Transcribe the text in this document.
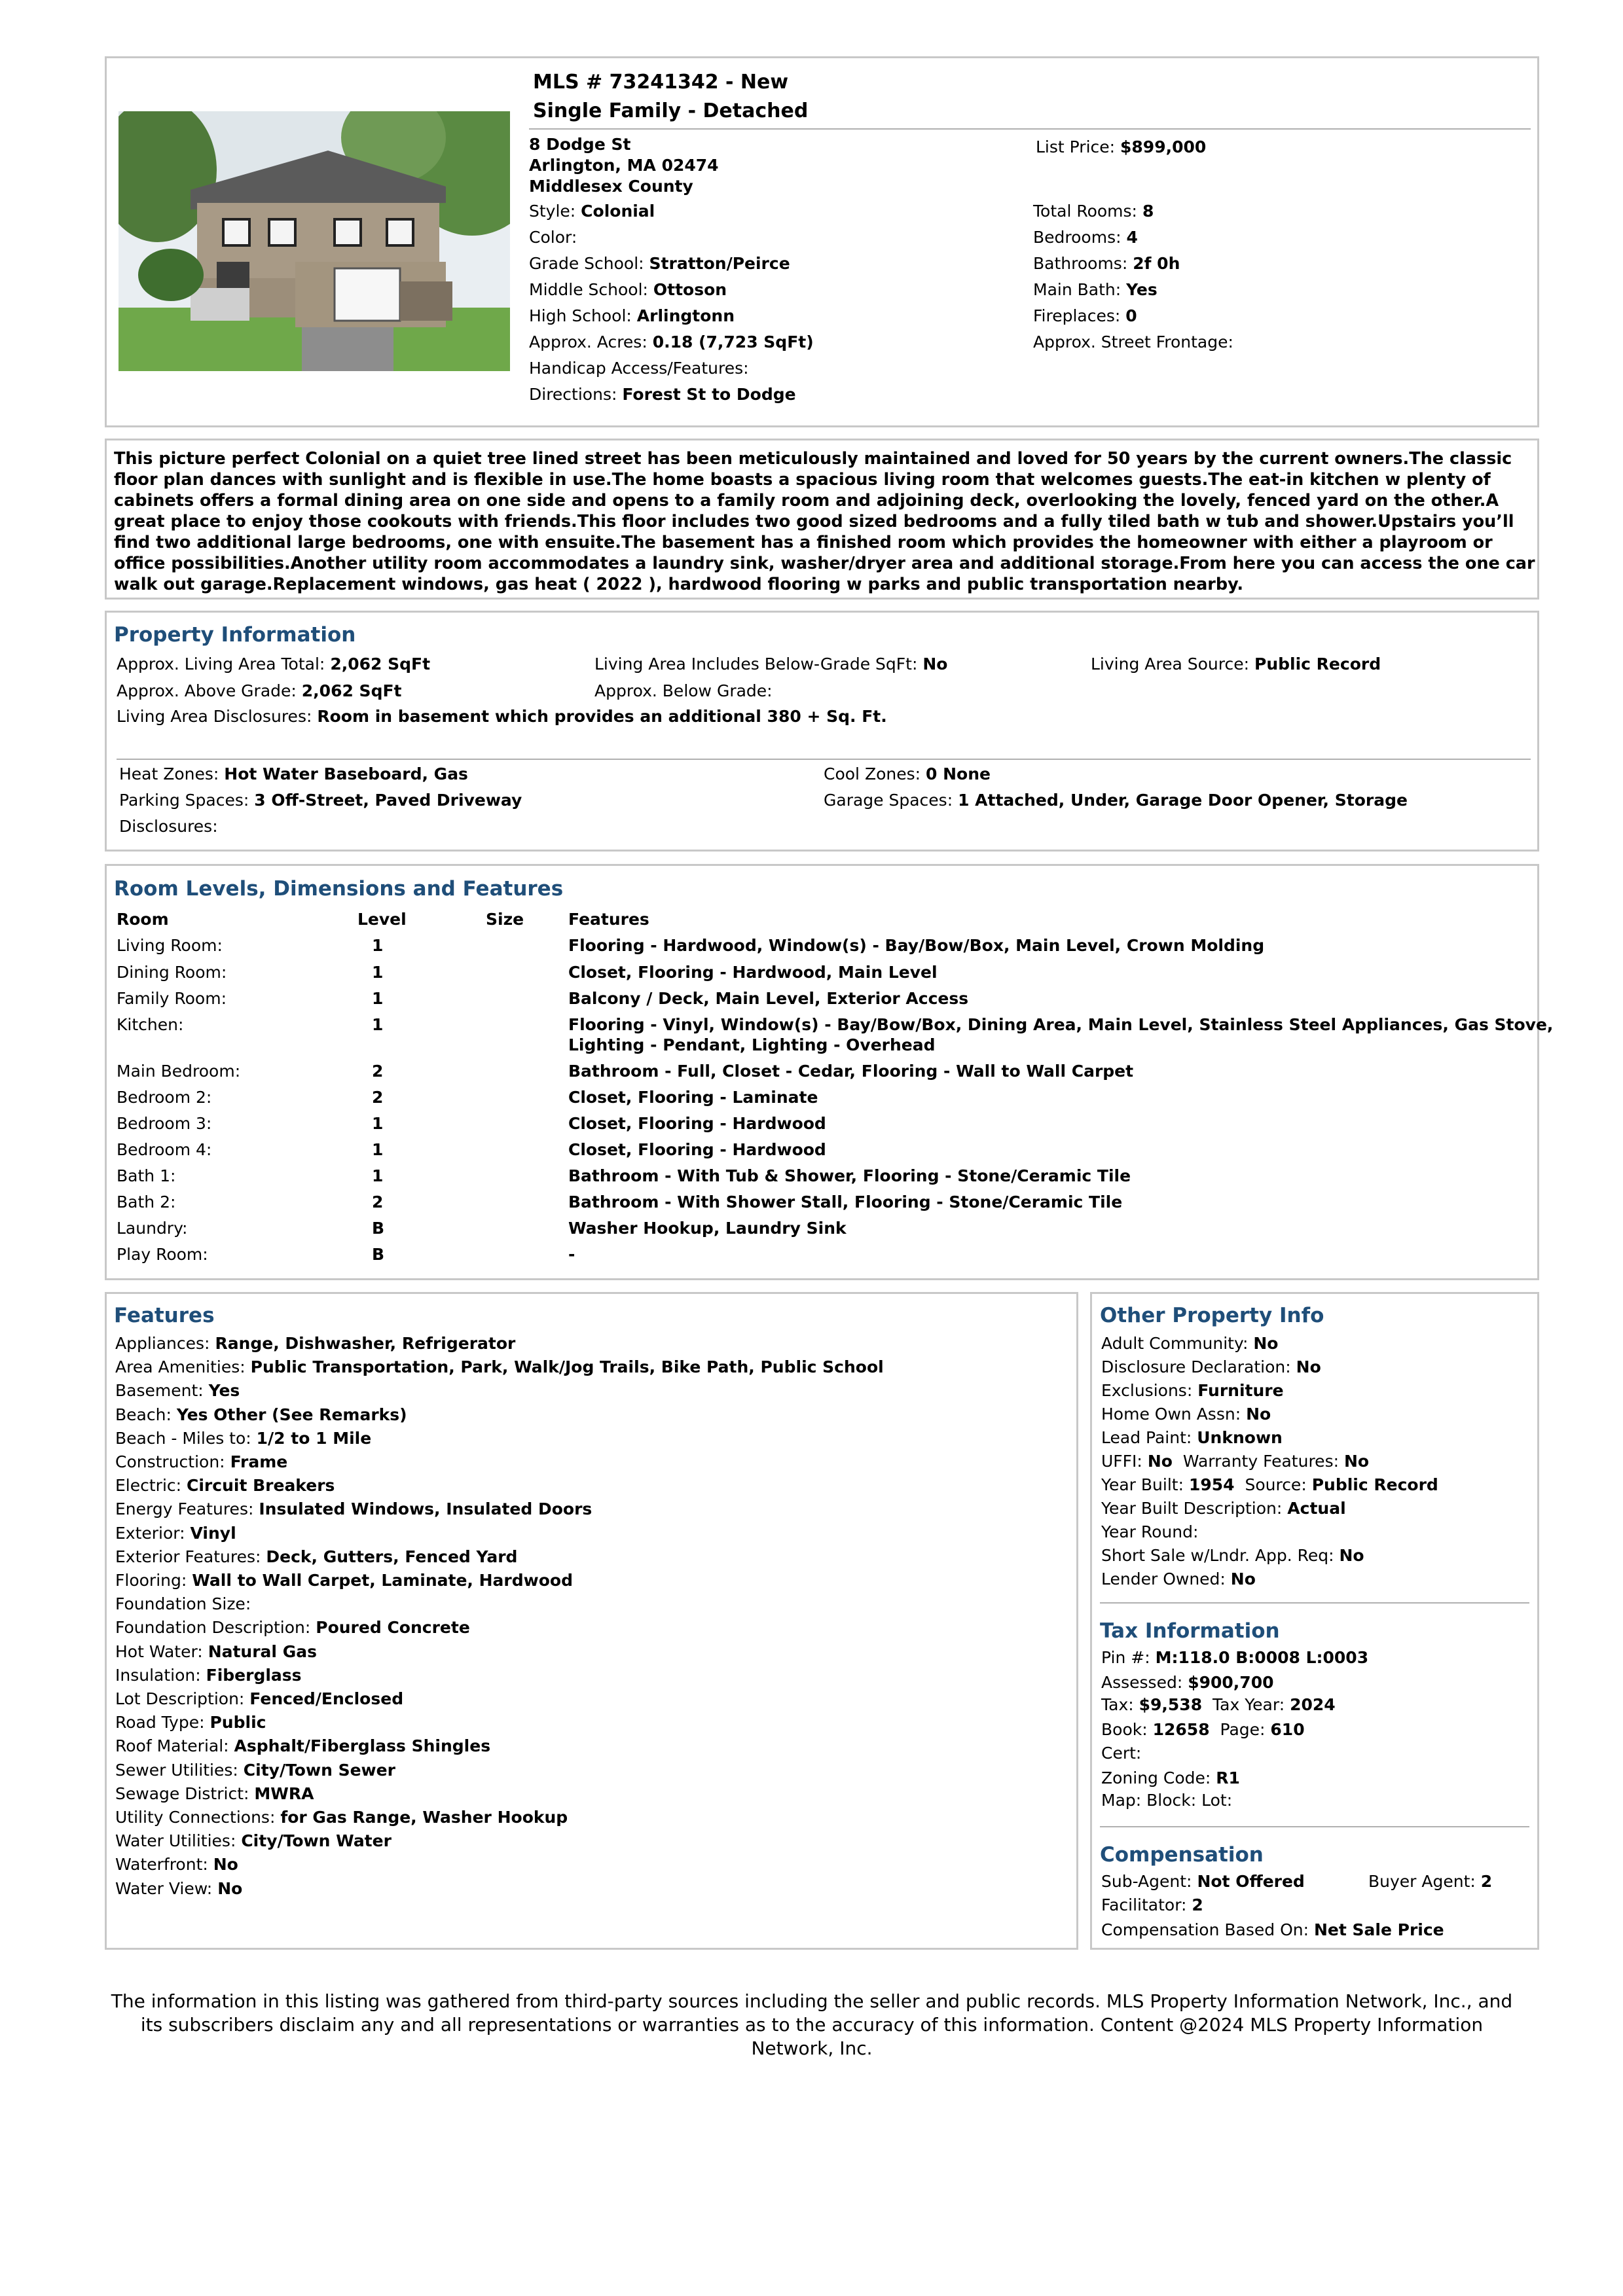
MLS # 73241342 - New
Single Family - Detached
8 Dodge St
Arlington, MA 02474
Middlesex County
List Price: $899,000
Style: Colonial
Color:
Grade School: Stratton/Peirce
Middle School: Ottoson
High School: Arlingtonn
Approx. Acres: 0.18 (7,723 SqFt)
Handicap Access/Features:
Directions: Forest St to Dodge
Total Rooms: 8
Bedrooms: 4
Bathrooms: 2f 0h
Main Bath: Yes
Fireplaces: 0
Approx. Street Frontage:
This picture perfect Colonial on a quiet tree lined street has been meticulously maintained and loved for 50 years by the current owners.The classic floor plan dances with sunlight and is flexible in use.The home boasts a spacious living room that welcomes guests.The eat-in kitchen w plenty of cabinets offers a formal dining area on one side and opens to a family room and adjoining deck, overlooking the lovely, fenced yard on the other.A great place to enjoy those cookouts with friends.This floor includes two good sized bedrooms and a fully tiled bath w tub and shower.Upstairs you’ll find two additional large bedrooms, one with ensuite.The basement has a finished room which provides the homeowner with either a playroom or office possibilities.Another utility room accommodates a laundry sink, washer/dryer area and additional storage.From here you can access the one car walk out garage.Replacement windows, gas heat ( 2022 ), hardwood flooring w parks and public transportation nearby.
Property Information
Approx. Living Area Total: 2,062 SqFt	Living Area Includes Below-Grade SqFt: No	Living Area Source: Public Record
Approx. Above Grade: 2,062 SqFt	Approx. Below Grade:
Living Area Disclosures: Room in basement which provides an additional 380 + Sq. Ft.
Heat Zones: Hot Water Baseboard, Gas	Cool Zones: 0 None
Parking Spaces: 3 Off-Street, Paved Driveway	Garage Spaces: 1 Attached, Under, Garage Door Opener, Storage
Disclosures:
Room Levels, Dimensions and Features
Room	Level	Size	Features
Living Room:	1	Flooring - Hardwood, Window(s) - Bay/Bow/Box, Main Level, Crown Molding
Dining Room:	1	Closet, Flooring - Hardwood, Main Level
Family Room:	1	Balcony / Deck, Main Level, Exterior Access
Kitchen:	1	Flooring - Vinyl, Window(s) - Bay/Bow/Box, Dining Area, Main Level, Stainless Steel Appliances, Gas Stove,
Lighting - Pendant, Lighting - Overhead
Main Bedroom:	2	Bathroom - Full, Closet - Cedar, Flooring - Wall to Wall Carpet
Bedroom 2:	2	Closet, Flooring - Laminate
Bedroom 3:	1	Closet, Flooring - Hardwood
Bedroom 4:	1	Closet, Flooring - Hardwood
Bath 1:	1	Bathroom - With Tub & Shower, Flooring - Stone/Ceramic Tile
Bath 2:	2	Bathroom - With Shower Stall, Flooring - Stone/Ceramic Tile
Laundry:	B	Washer Hookup, Laundry Sink
Play Room:	B	-
Features
Appliances: Range, Dishwasher, Refrigerator
Area Amenities: Public Transportation, Park, Walk/Jog Trails, Bike Path, Public School
Basement: Yes
Beach: Yes Other (See Remarks)
Beach - Miles to: 1/2 to 1 Mile
Construction: Frame
Electric: Circuit Breakers
Energy Features: Insulated Windows, Insulated Doors
Exterior: Vinyl
Exterior Features: Deck, Gutters, Fenced Yard
Flooring: Wall to Wall Carpet, Laminate, Hardwood
Foundation Size:
Foundation Description: Poured Concrete
Hot Water: Natural Gas
Insulation: Fiberglass
Lot Description: Fenced/Enclosed
Road Type: Public
Roof Material: Asphalt/Fiberglass Shingles
Sewer Utilities: City/Town Sewer
Sewage District: MWRA
Utility Connections: for Gas Range, Washer Hookup
Water Utilities: City/Town Water
Waterfront: No
Water View: No
Other Property Info
Adult Community: No
Disclosure Declaration: No
Exclusions: Furniture
Home Own Assn: No
Lead Paint: Unknown
UFFI: No Warranty Features: No
Year Built: 1954 Source: Public Record
Year Built Description: Actual
Year Round:
Short Sale w/Lndr. App. Req: No
Lender Owned: No
Tax Information
Pin #: M:118.0 B:0008 L:0003
Assessed: $900,700
Tax: $9,538 Tax Year: 2024
Book: 12658 Page: 610
Cert:
Zoning Code: R1
Map: Block: Lot:
Compensation
Sub-Agent: Not Offered	Buyer Agent: 2
Facilitator: 2
Compensation Based On: Net Sale Price
The information in this listing was gathered from third-party sources including the seller and public records. MLS Property Information Network, Inc., and its subscribers disclaim any and all representations or warranties as to the accuracy of this information. Content @2024 MLS Property Information Network, Inc.
